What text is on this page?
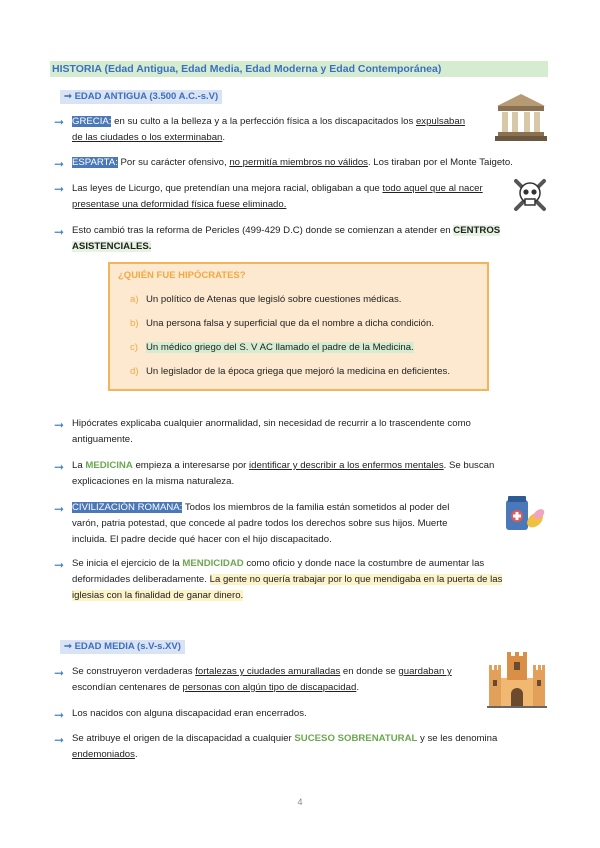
HISTORIA (Edad Antigua, Edad Media, Edad Moderna y Edad Contemporánea)
➞ EDAD ANTIGUA (3.500 A.C.-s.V)
➞ GRECIA: en su culto a la belleza y a la perfección física a los discapacitados los expulsaban
de las ciudades o los exterminaban.
➞ ESPARTA: Por su carácter ofensivo, no permitía miembros no válidos. Los tiraban por el Monte Taigeto.
➞ Las leyes de Licurgo, que pretendían una mejora racial, obligaban a que todo aquel que al nacer
presentase una deformidad física fuese eliminado.
➞ Esto cambió tras la reforma de Pericles (499-429 D.C) donde se comienzan a atender en CENTROS
ASISTENCIALES.
¿QUIÉN FUE HIPÓCRATES?
a) Un político de Atenas que legisló sobre cuestiones médicas.
b) Una persona falsa y superficial que da el nombre a dicha condición.
c) Un médico griego del S. V AC llamado el padre de la Medicina.
d) Un legislador de la época griega que mejoró la medicina en deficientes.
➞ Hipócrates explicaba cualquier anormalidad, sin necesidad de recurrir a lo trascendente como
antiguamente.
➞ La MEDICINA empieza a interesarse por identificar y describir a los enfermos mentales. Se buscan
explicaciones en la misma naturaleza.
➞ CIVILIZACIÓN ROMANA: Todos los miembros de la familia están sometidos al poder del
varón, patria potestad, que concede al padre todos los derechos sobre sus hijos. Muerte
incluida. El padre decide qué hacer con el hijo discapacitado.
➞ Se inicia el ejercicio de la MENDICIDAD como oficio y donde nace la costumbre de aumentar las
deformidades deliberadamente. La gente no quería trabajar por lo que mendigaba en la puerta de las
iglesias con la finalidad de ganar dinero.
➞ EDAD MEDIA (s.V-s.XV)
➞ Se construyeron verdaderas fortalezas y ciudades amuralladas en donde se guardaban y
escondían centenares de personas con algún tipo de discapacidad.
➞ Los nacidos con alguna discapacidad eran encerrados.
➞ Se atribuye el origen de la discapacidad a cualquier SUCESO SOBRENATURAL y se les denomina
endemoniados.
4
